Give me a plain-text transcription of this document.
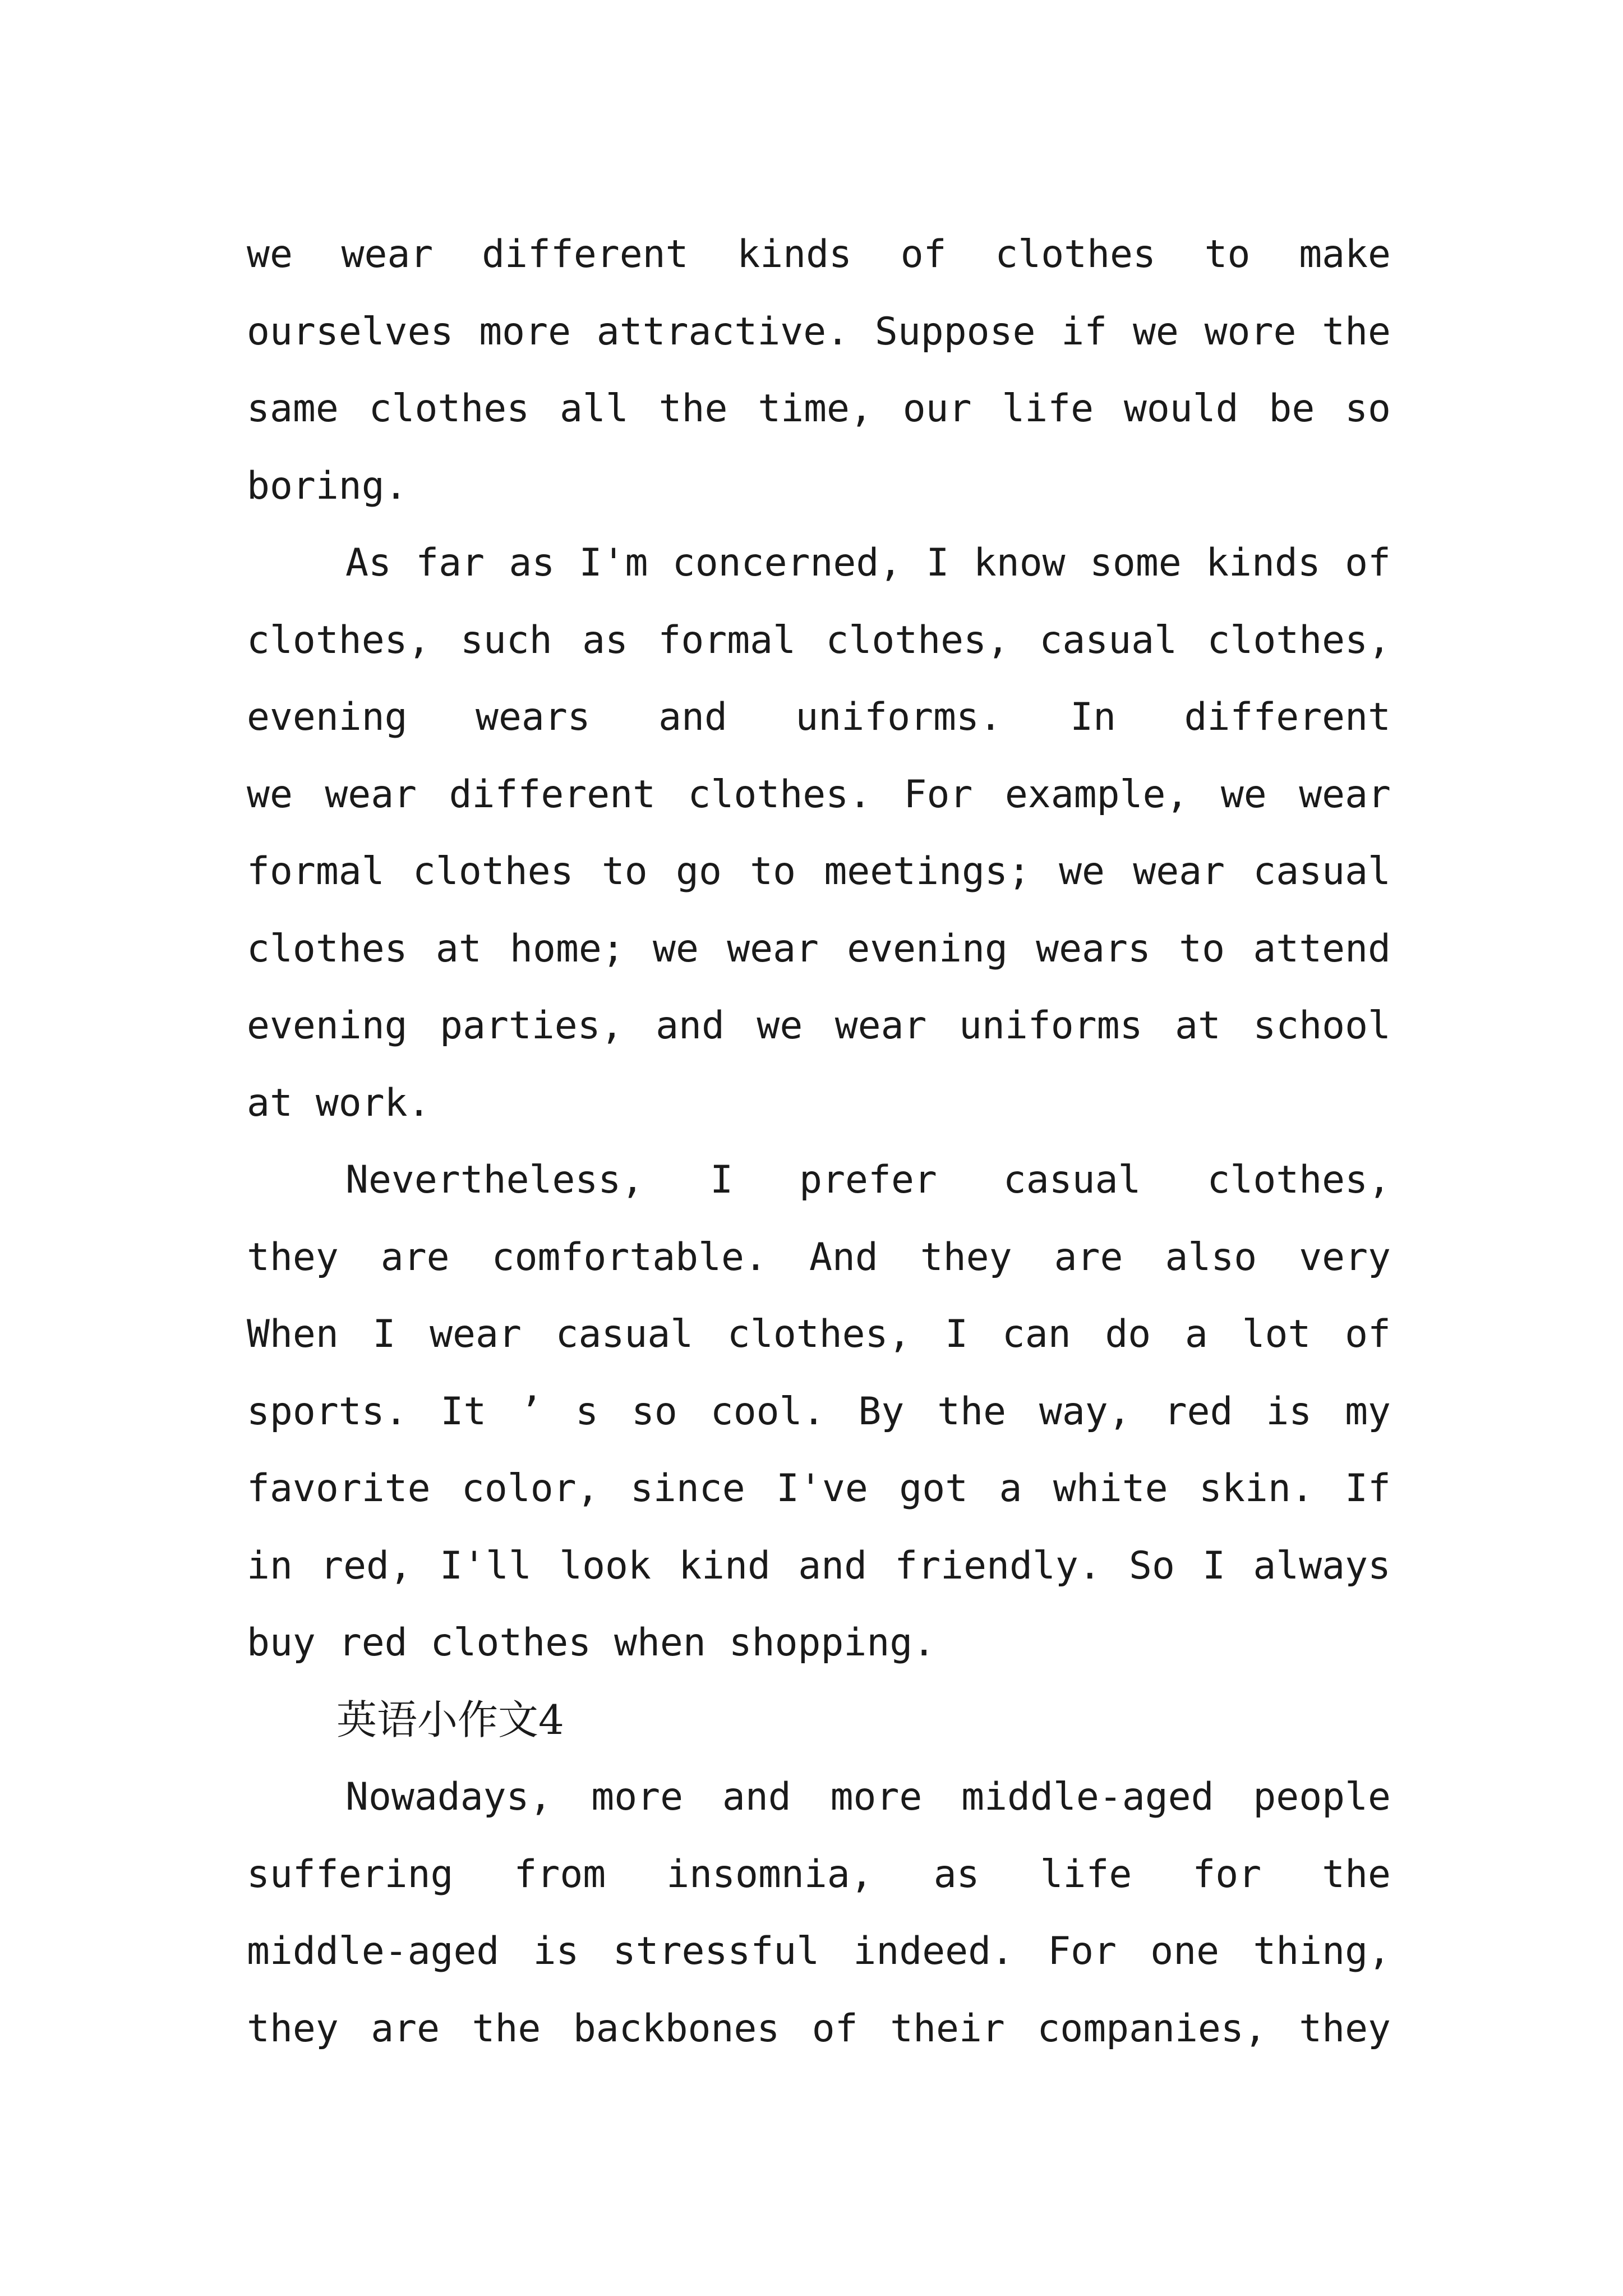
we wear different kinds of clothes to make
ourselves more attractive. Suppose if we wore the
same clothes all the time, our life would be so
boring.
As far as I'm concerned, I know some kinds of
clothes, such as formal clothes, casual clothes,
evening wears and uniforms. In different
we wear different clothes. For example, we wear
formal clothes to go to meetings; we wear casual
clothes at home; we wear evening wears to attend
evening parties, and we wear uniforms at school
at work.
Nevertheless, I prefer casual clothes,
they are comfortable. And they are also very
When I wear casual clothes, I can do a lot of
sports. It ’ s so cool. By the way, red is my
favorite color, since I've got a white skin. If
in red, I'll look kind and friendly. So I always
buy red clothes when shopping.
英语小作文4
Nowadays, more and more middle-aged people
suffering from insomnia, as life for the
middle-aged is stressful indeed. For one thing,
they are the backbones of their companies, they
